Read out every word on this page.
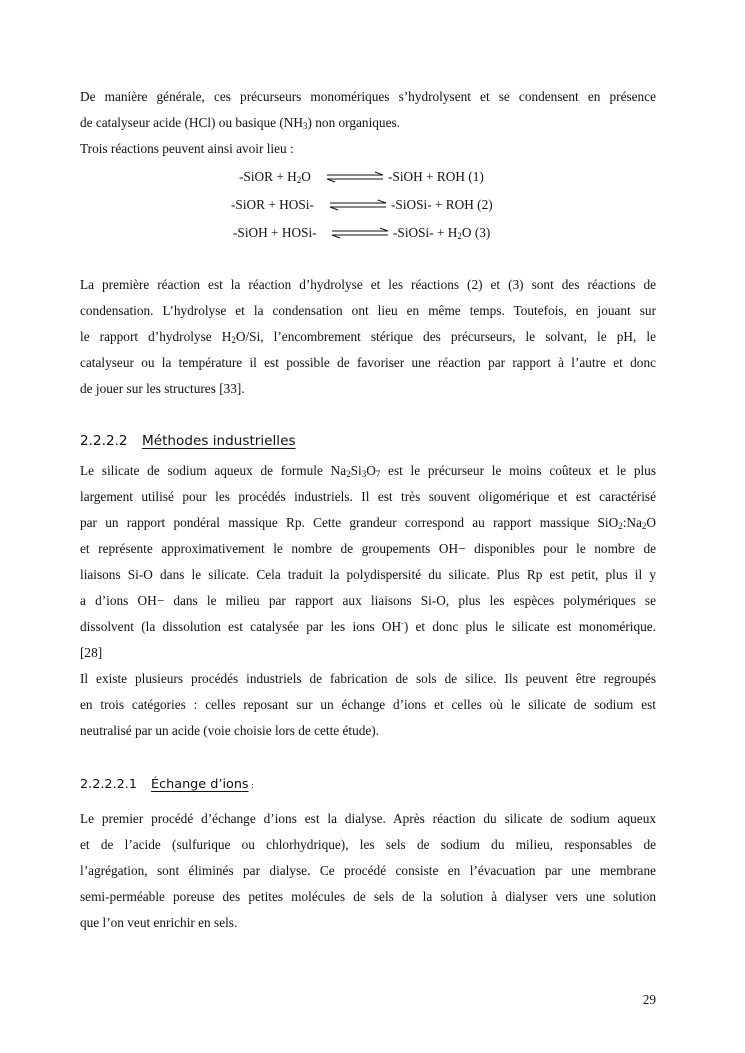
De manière générale, ces précurseurs monomériques s’hydrolysent et se condensent en présence
de catalyseur acide (HCl) ou basique $(NH_3)$ non organiques.
Trois réactions peuvent ainsi avoir lieu :
-SiOR + $H_2O$ ⇌ -SiOH + ROH (1)
-SiOR + HOSi- ⇌ -SiOSi- + ROH (2)
-SiOH + HOSi- ⇌ -SiOSi- + $H_2O$ (3)
La première réaction est la réaction d’hydrolyse et les réactions (2) et (3) sont des réactions de
condensation. L’hydrolyse et la condensation ont lieu en même temps. Toutefois, en jouant sur
le rapport d’hydrolyse $H_2O/Si$, l’encombrement stérique des précurseurs, le solvant, le pH, le
catalyseur ou la température il est possible de favoriser une réaction par rapport à l’autre et donc
de jouer sur les structures [33].
2.2.2.2 Méthodes industrielles
Le silicate de sodium aqueux de formule $Na_2Si_3O_7$ est le précurseur le moins coûteux et le plus
largement utilisé pour les procédés industriels. Il est très souvent oligomérique et est caractérisé
par un rapport pondéral massique Rp. Cette grandeur correspond au rapport massique $SiO_2:Na_2O$
et représente approximativement le nombre de groupements OH− disponibles pour le nombre de
liaisons Si-O dans le silicate. Cela traduit la polydispersité du silicate. Plus Rp est petit, plus il y
a d’ions OH− dans le milieu par rapport aux liaisons Si-O, plus les espèces polymériques se
dissolvent (la dissolution est catalysée par les ions OH-) et donc plus le silicate est monomérique.
[28]
Il existe plusieurs procédés industriels de fabrication de sols de silice. Ils peuvent être regroupés
en trois catégories : celles reposant sur un échange d’ions et celles où le silicate de sodium est
neutralisé par un acide (voie choisie lors de cette étude).
2.2.2.2.1 Échange d’ions :
Le premier procédé d’échange d’ions est la dialyse. Après réaction du silicate de sodium aqueux
et de l’acide (sulfurique ou chlorhydrique), les sels de sodium du milieu, responsables de
l’agrégation, sont éliminés par dialyse. Ce procédé consiste en l’évacuation par une membrane
semi-perméable poreuse des petites molécules de sels de la solution à dialyser vers une solution
que l’on veut enrichir en sels.
29
